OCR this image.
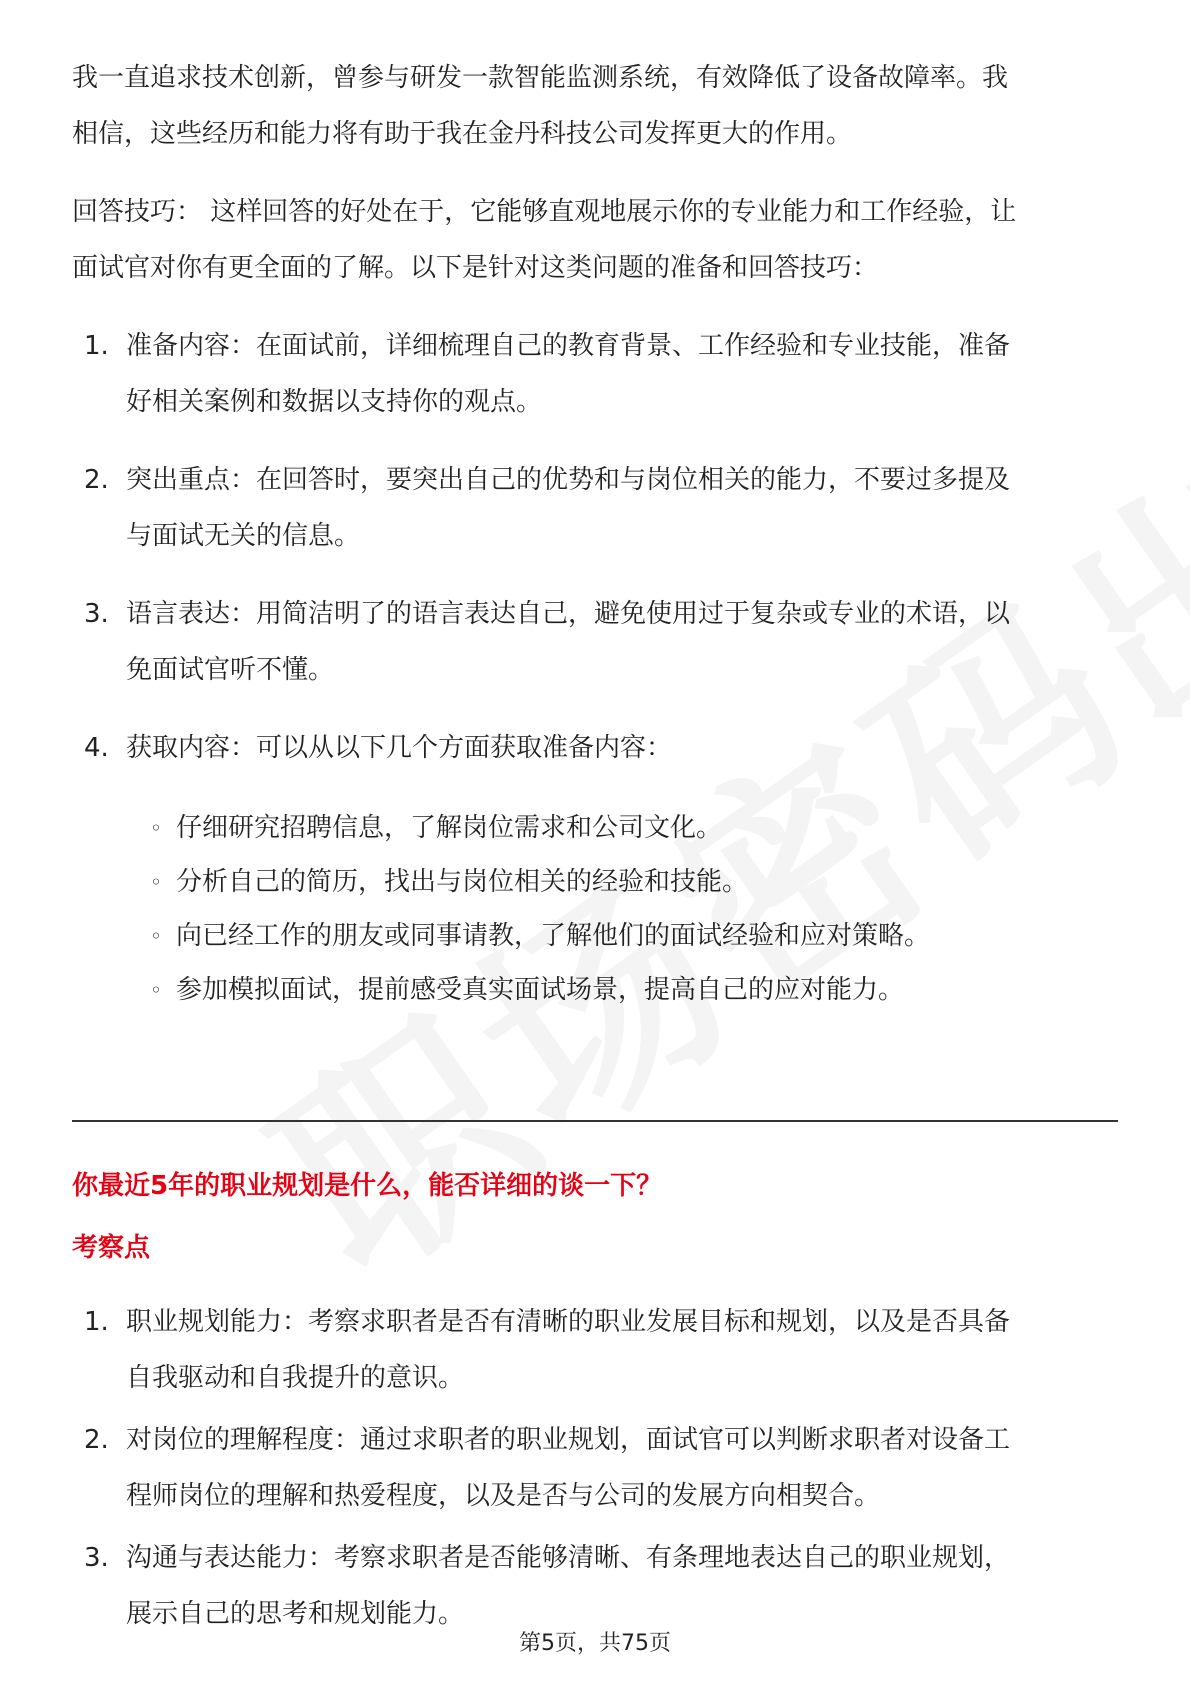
我一直追求技术创新，曾参与研发一款智能监测系统，有效降低了设备故障率。我
相信，这些经历和能力将有助于我在金丹科技公司发挥更大的作用。

回答技巧： 这样回答的好处在于，它能够直观地展示你的专业能力和工作经验，让
面试官对你有更全面的了解。以下是针对这类问题的准备和回答技巧：

1. 准备内容：在面试前，详细梳理自己的教育背景、工作经验和专业技能，准备
好相关案例和数据以支持你的观点。
2. 突出重点：在回答时，要突出自己的优势和与岗位相关的能力，不要过多提及
与面试无关的信息。
3. 语言表达：用简洁明了的语言表达自己，避免使用过于复杂或专业的术语，以
免面试官听不懂。
4. 获取内容：可以从以下几个方面获取准备内容：
◦ 仔细研究招聘信息，了解岗位需求和公司文化。
◦ 分析自己的简历，找出与岗位相关的经验和技能。
◦ 向已经工作的朋友或同事请教，了解他们的面试经验和应对策略。
◦ 参加模拟面试，提前感受真实面试场景，提高自己的应对能力。
你最近5年的职业规划是什么，能否详细的谈一下？
考察点
1. 职业规划能力：考察求职者是否有清晰的职业发展目标和规划，以及是否具备
自我驱动和自我提升的意识。
2. 对岗位的理解程度：通过求职者的职业规划，面试官可以判断求职者对设备工
程师岗位的理解和热爱程度，以及是否与公司的发展方向相契合。
3. 沟通与表达能力：考察求职者是否能够清晰、有条理地表达自己的职业规划，
展示自己的思考和规划能力。
第5页，共75页
